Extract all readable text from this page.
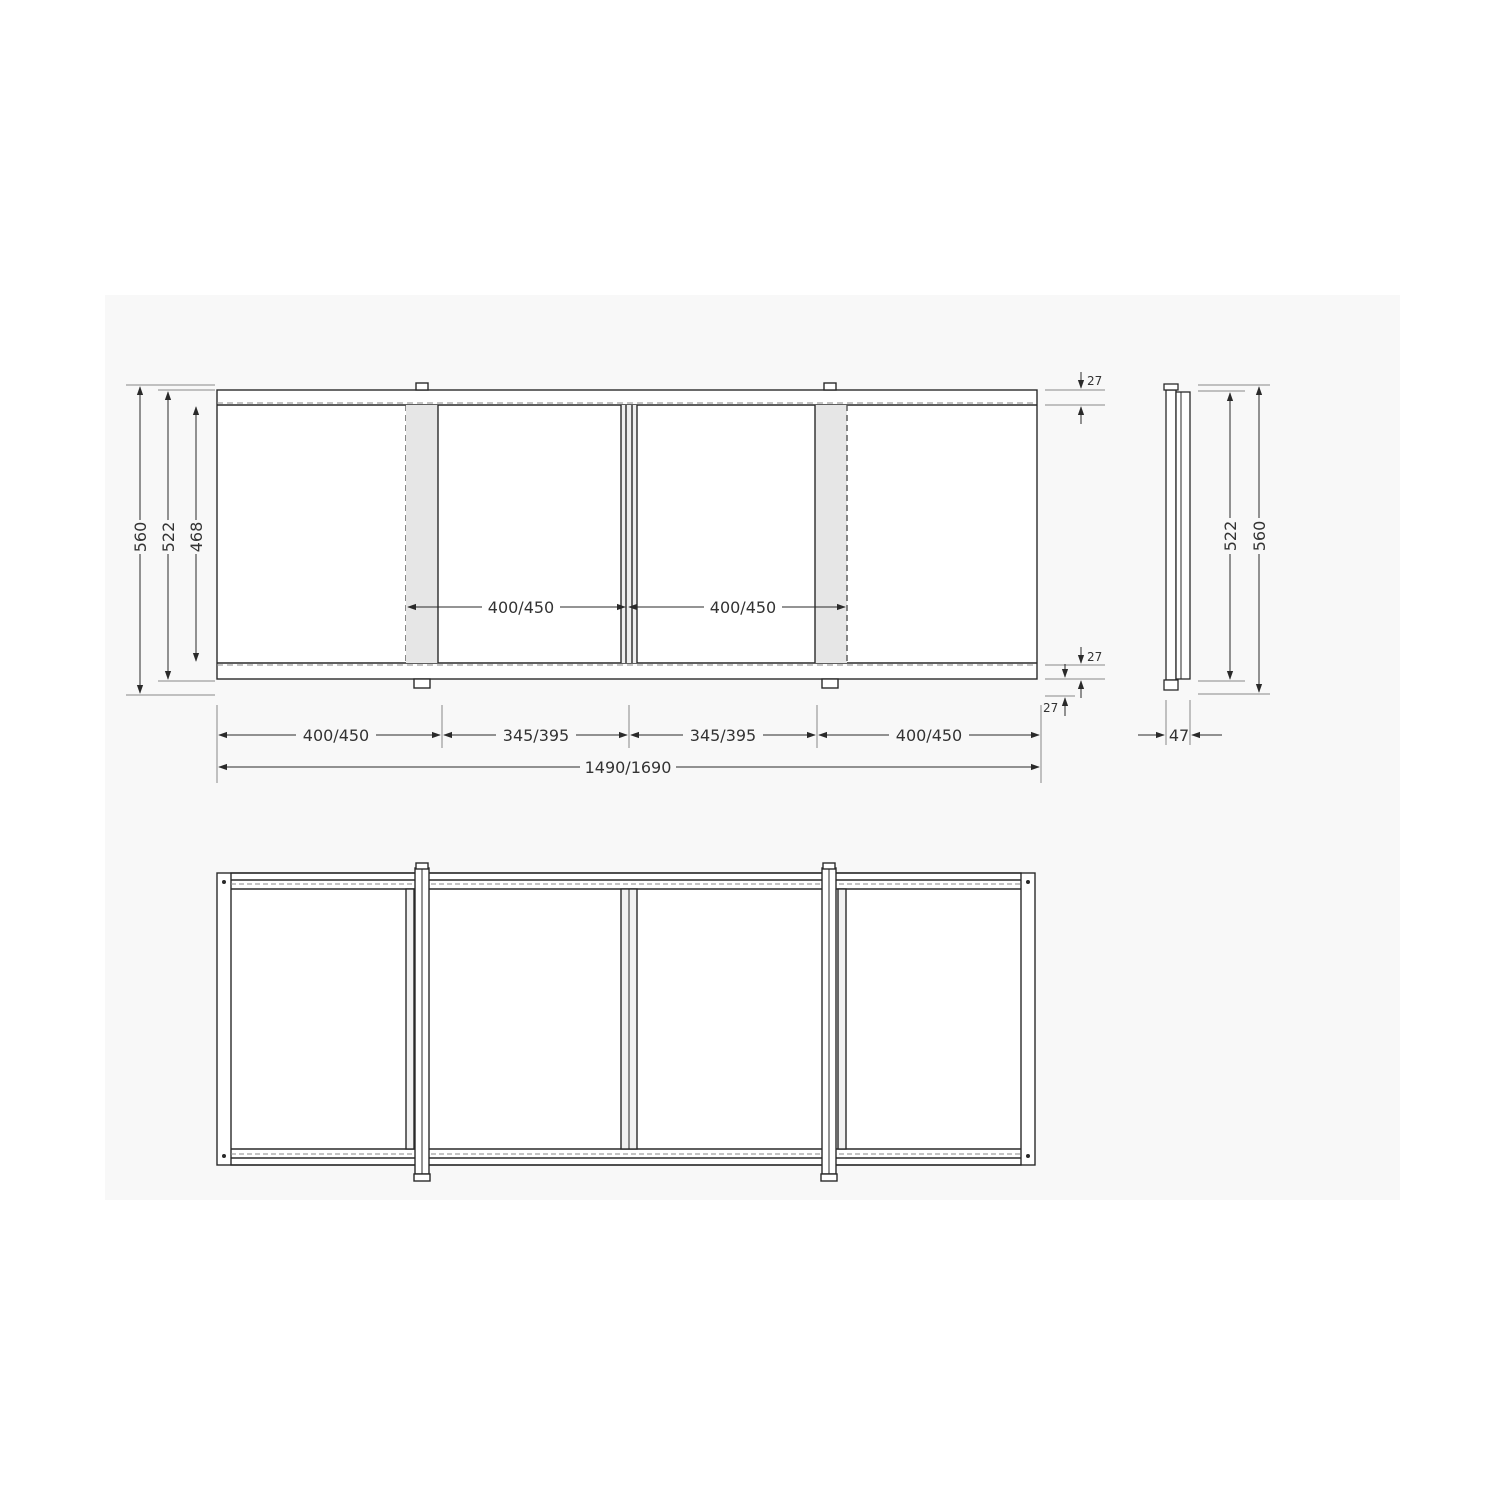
560 522 468
400/450	400/450
27
27
27
400/450	345/395	345/395	400/450
1490/1690
522 560
47
